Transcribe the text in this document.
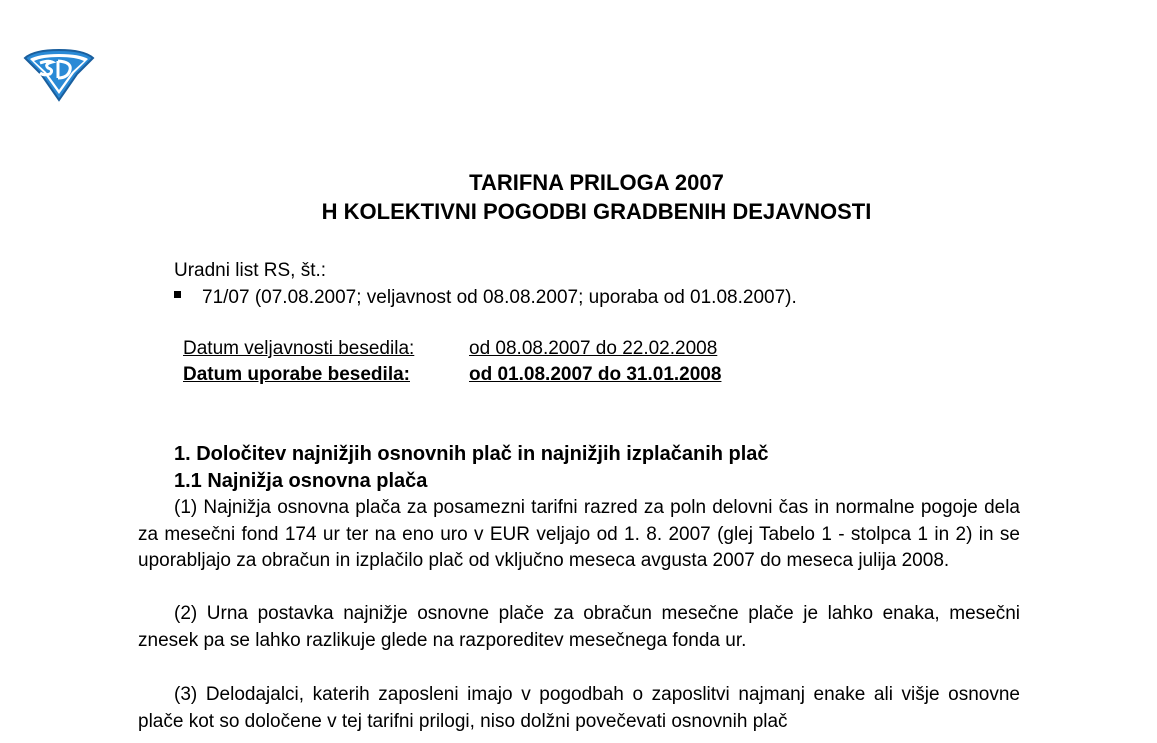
TARIFNA PRILOGA 2007
H KOLEKTIVNI POGODBI GRADBENIH DEJAVNOSTI
Uradni list RS, št.:
71/07 (07.08.2007; veljavnost od 08.08.2007; uporaba od 01.08.2007).
Datum veljavnosti besedila:	od 08.08.2007 do 22.02.2008
Datum uporabe besedila:	od 01.08.2007 do 31.01.2008
1. Določitev najnižjih osnovnih plač in najnižjih izplačanih plač
1.1 Najnižja osnovna plača
(1) Najnižja osnovna plača za posamezni tarifni razred za poln delovni čas in normalne pogoje dela za mesečni fond 174 ur ter na eno uro v EUR veljajo od 1. 8. 2007 (glej Tabelo 1 - stolpca 1 in 2) in se uporabljajo za obračun in izplačilo plač od vključno meseca avgusta 2007 do meseca julija 2008.
(2) Urna postavka najnižje osnovne plače za obračun mesečne plače je lahko enaka, mesečni znesek pa se lahko razlikuje glede na razporeditev mesečnega fonda ur.
(3) Delodajalci, katerih zaposleni imajo v pogodbah o zaposlitvi najmanj enake ali višje osnovne plače kot so določene v tej tarifni prilogi, niso dolžni povečevati osnovnih plač
